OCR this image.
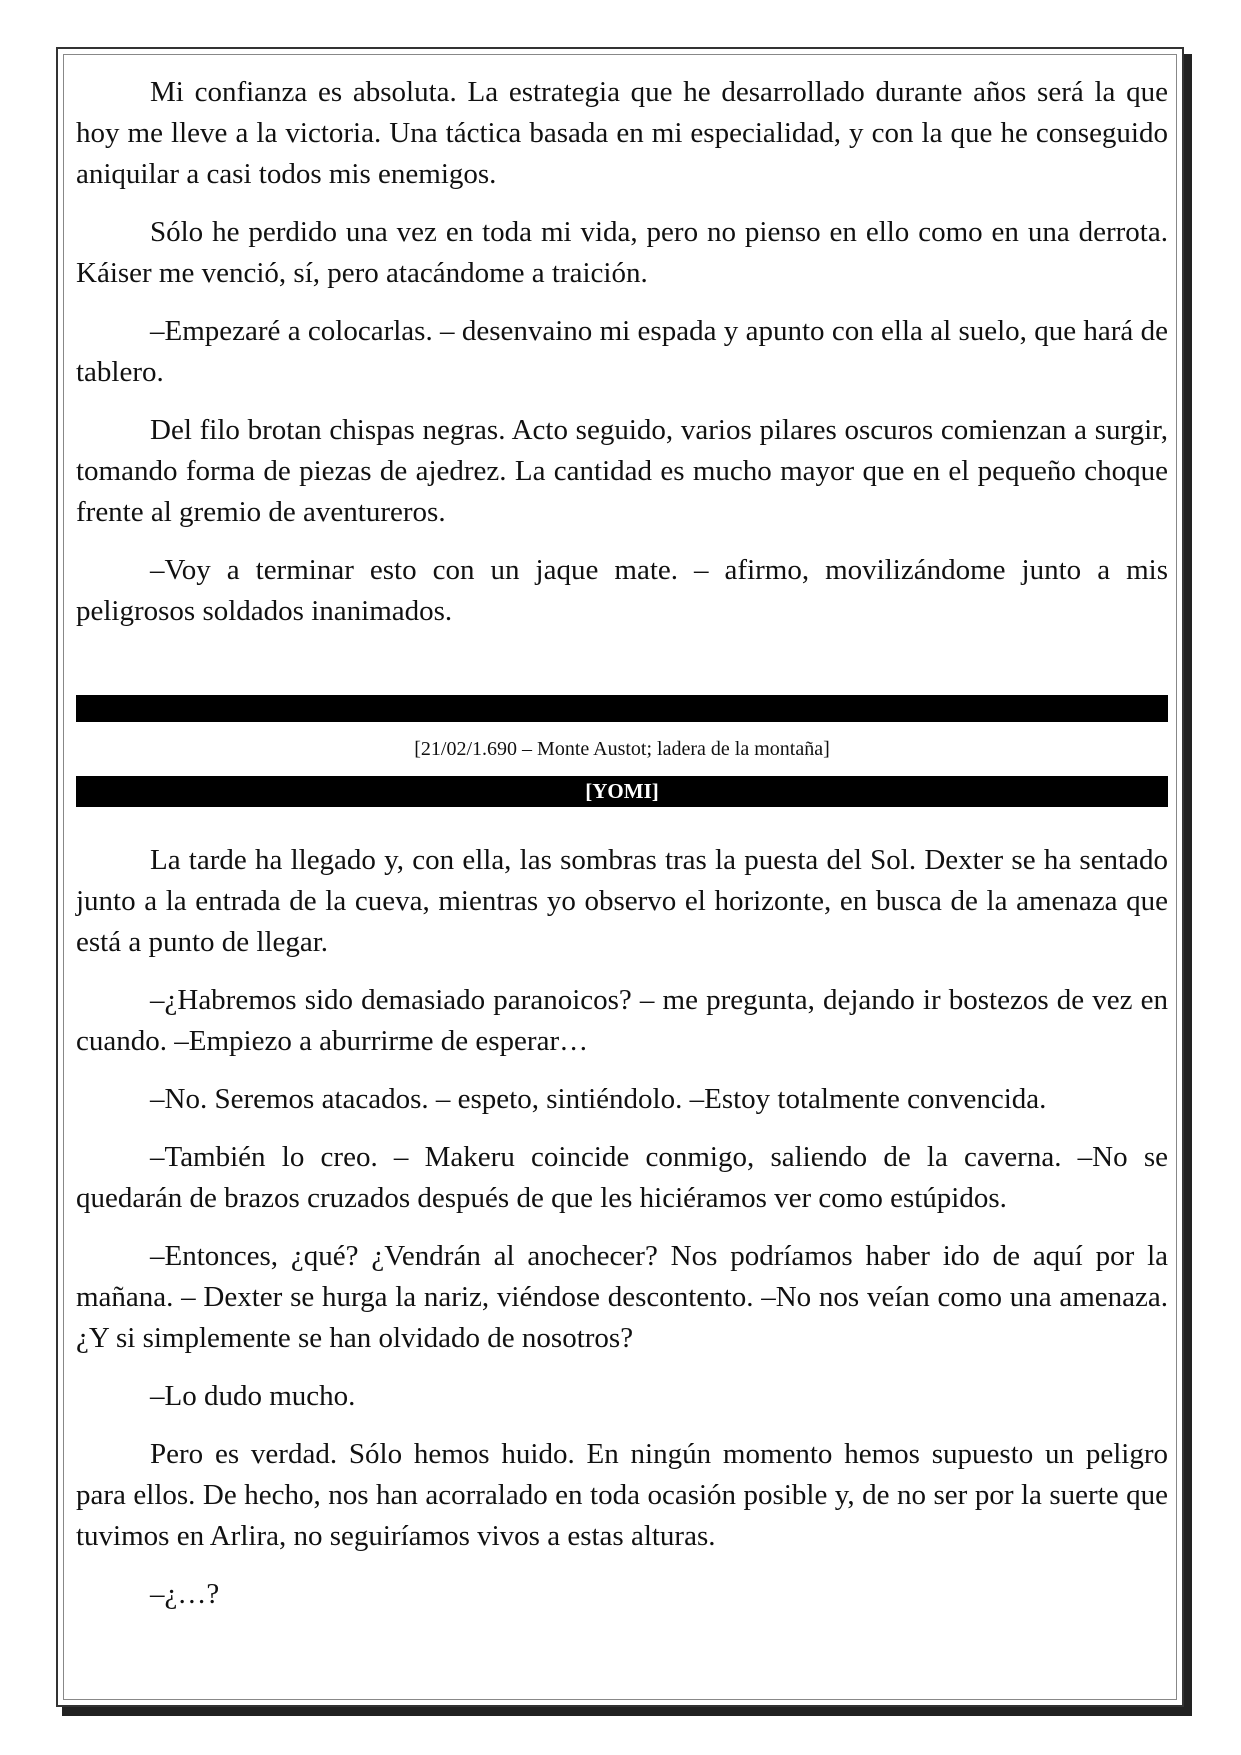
Mi confianza es absoluta. La estrategia que he desarrollado durante años será la que hoy me lleve a la victoria. Una táctica basada en mi especialidad, y con la que he conseguido aniquilar a casi todos mis enemigos.

Sólo he perdido una vez en toda mi vida, pero no pienso en ello como en una derrota. Káiser me venció, sí, pero atacándome a traición.

–Empezaré a colocarlas. – desenvaino mi espada y apunto con ella al suelo, que hará de tablero.

Del filo brotan chispas negras. Acto seguido, varios pilares oscuros comienzan a surgir, tomando forma de piezas de ajedrez. La cantidad es mucho mayor que en el pequeño choque frente al gremio de aventureros.

–Voy a terminar esto con un jaque mate. – afirmo, movilizándome junto a mis peligrosos soldados inanimados.

[21/02/1.690 – Monte Austot; ladera de la montaña]
[YOMI]

La tarde ha llegado y, con ella, las sombras tras la puesta del Sol. Dexter se ha sentado junto a la entrada de la cueva, mientras yo observo el horizonte, en busca de la amenaza que está a punto de llegar.

–¿Habremos sido demasiado paranoicos? – me pregunta, dejando ir bostezos de vez en cuando. –Empiezo a aburrirme de esperar…

–No. Seremos atacados. – espeto, sintiéndolo. –Estoy totalmente convencida.

–También lo creo. – Makeru coincide conmigo, saliendo de la caverna. –No se quedarán de brazos cruzados después de que les hiciéramos ver como estúpidos.

–Entonces, ¿qué? ¿Vendrán al anochecer? Nos podríamos haber ido de aquí por la mañana. – Dexter se hurga la nariz, viéndose descontento. –No nos veían como una amenaza. ¿Y si simplemente se han olvidado de nosotros?

–Lo dudo mucho.

Pero es verdad. Sólo hemos huido. En ningún momento hemos supuesto un peligro para ellos. De hecho, nos han acorralado en toda ocasión posible y, de no ser por la suerte que tuvimos en Arlira, no seguiríamos vivos a estas alturas.

–¿…?
